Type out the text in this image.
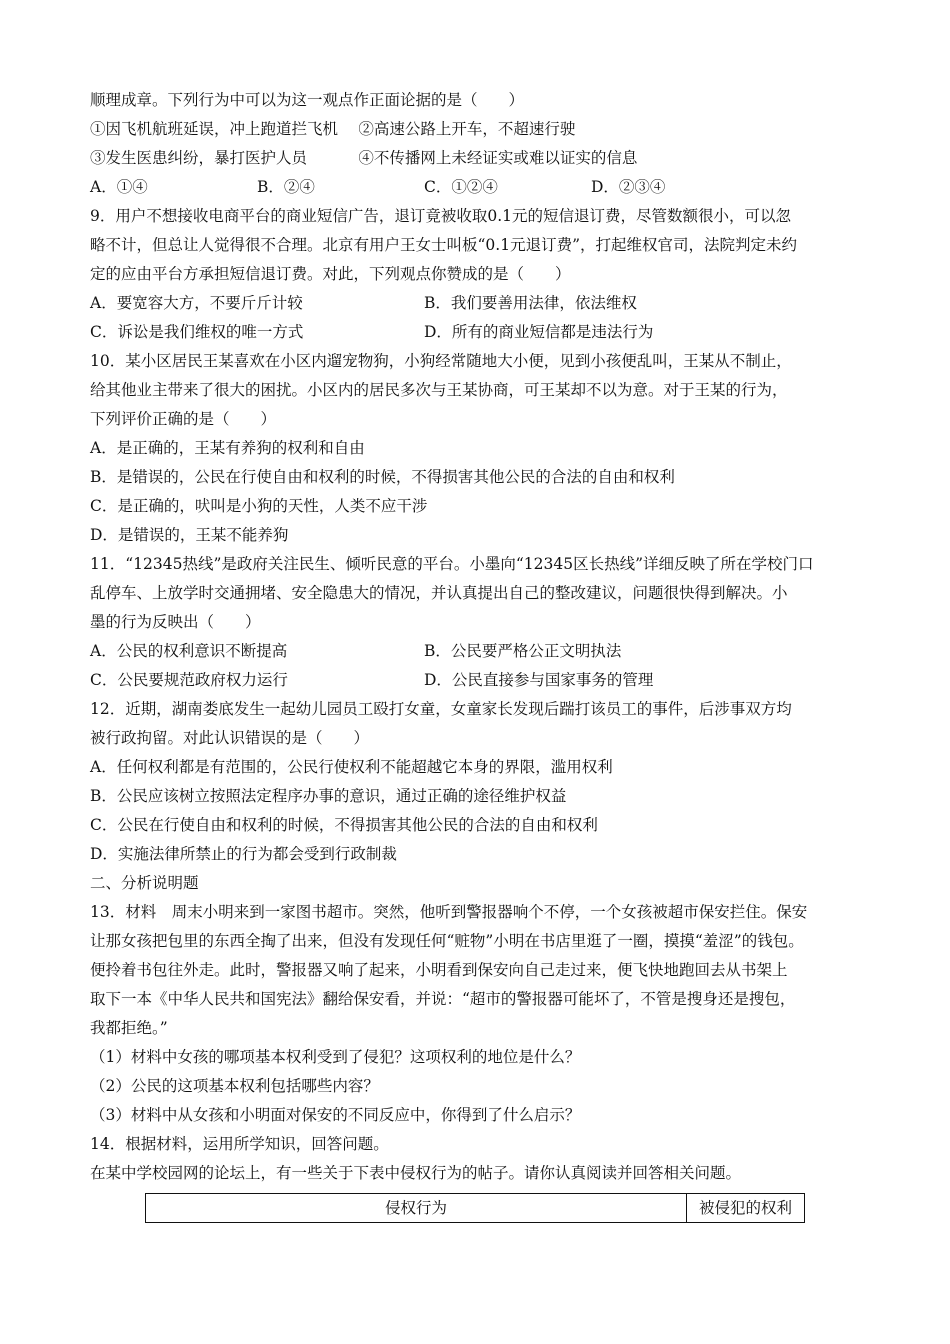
顺理成章。下列行为中可以为这一观点作正面论据的是（　　）
①因飞机航班延误，冲上跑道拦飞机　 ②高速公路上开车，不超速行驶
③发生医患纠纷，暴打医护人员　　　 ④不传播网上未经证实或难以证实的信息
A．①④	B．②④	C．①②④	D．②③④
9．用户不想接收电商平台的商业短信广告，退订竟被收取0.1元的短信退订费，尽管数额很小，可以忽
略不计，但总让人觉得很不合理。北京有用户王女士叫板“0.1元退订费”，打起维权官司，法院判定未约
定的应由平台方承担短信退订费。对此，下列观点你赞成的是（　　）
A．要宽容大方，不要斤斤计较	B．我们要善用法律，依法维权
C．诉讼是我们维权的唯一方式	D．所有的商业短信都是违法行为
10．某小区居民王某喜欢在小区内遛宠物狗，小狗经常随地大小便，见到小孩便乱叫，王某从不制止，
给其他业主带来了很大的困扰。小区内的居民多次与王某协商，可王某却不以为意。对于王某的行为，
下列评价正确的是（　　）
A．是正确的，王某有养狗的权利和自由
B．是错误的，公民在行使自由和权利的时候，不得损害其他公民的合法的自由和权利
C．是正确的，吠叫是小狗的天性，人类不应干涉
D．是错误的，王某不能养狗
11．“12345热线”是政府关注民生、倾听民意的平台。小墨向“12345区长热线”详细反映了所在学校门口
乱停车、上放学时交通拥堵、安全隐患大的情况，并认真提出自己的整改建议，问题很快得到解决。小
墨的行为反映出（　　）
A．公民的权利意识不断提高	B．公民要严格公正文明执法
C．公民要规范政府权力运行	D．公民直接参与国家事务的管理
12．近期，湖南娄底发生一起幼儿园员工殴打女童，女童家长发现后踹打该员工的事件，后涉事双方均
被行政拘留。对此认识错误的是（　　）
A．任何权利都是有范围的，公民行使权利不能超越它本身的界限，滥用权利
B．公民应该树立按照法定程序办事的意识，通过正确的途径维护权益
C．公民在行使自由和权利的时候，不得损害其他公民的合法的自由和权利
D．实施法律所禁止的行为都会受到行政制裁
二、分析说明题
13．材料　周末小明来到一家图书超市。突然，他听到警报器响个不停，一个女孩被超市保安拦住。保安
让那女孩把包里的东西全掏了出来，但没有发现任何“赃物”小明在书店里逛了一圈，摸摸“羞涩”的钱包。
便拎着书包往外走。此时，警报器又响了起来，小明看到保安向自己走过来，便飞快地跑回去从书架上
取下一本《中华人民共和国宪法》翻给保安看，并说：“超市的警报器可能坏了，不管是搜身还是搜包，
我都拒绝。”
（1）材料中女孩的哪项基本权利受到了侵犯？这项权利的地位是什么？
（2）公民的这项基本权利包括哪些内容？
（3）材料中从女孩和小明面对保安的不同反应中，你得到了什么启示？
14．根据材料，运用所学知识，回答问题。
在某中学校园网的论坛上，有一些关于下表中侵权行为的帖子。请你认真阅读并回答相关问题。
侵权行为	被侵犯的权利
